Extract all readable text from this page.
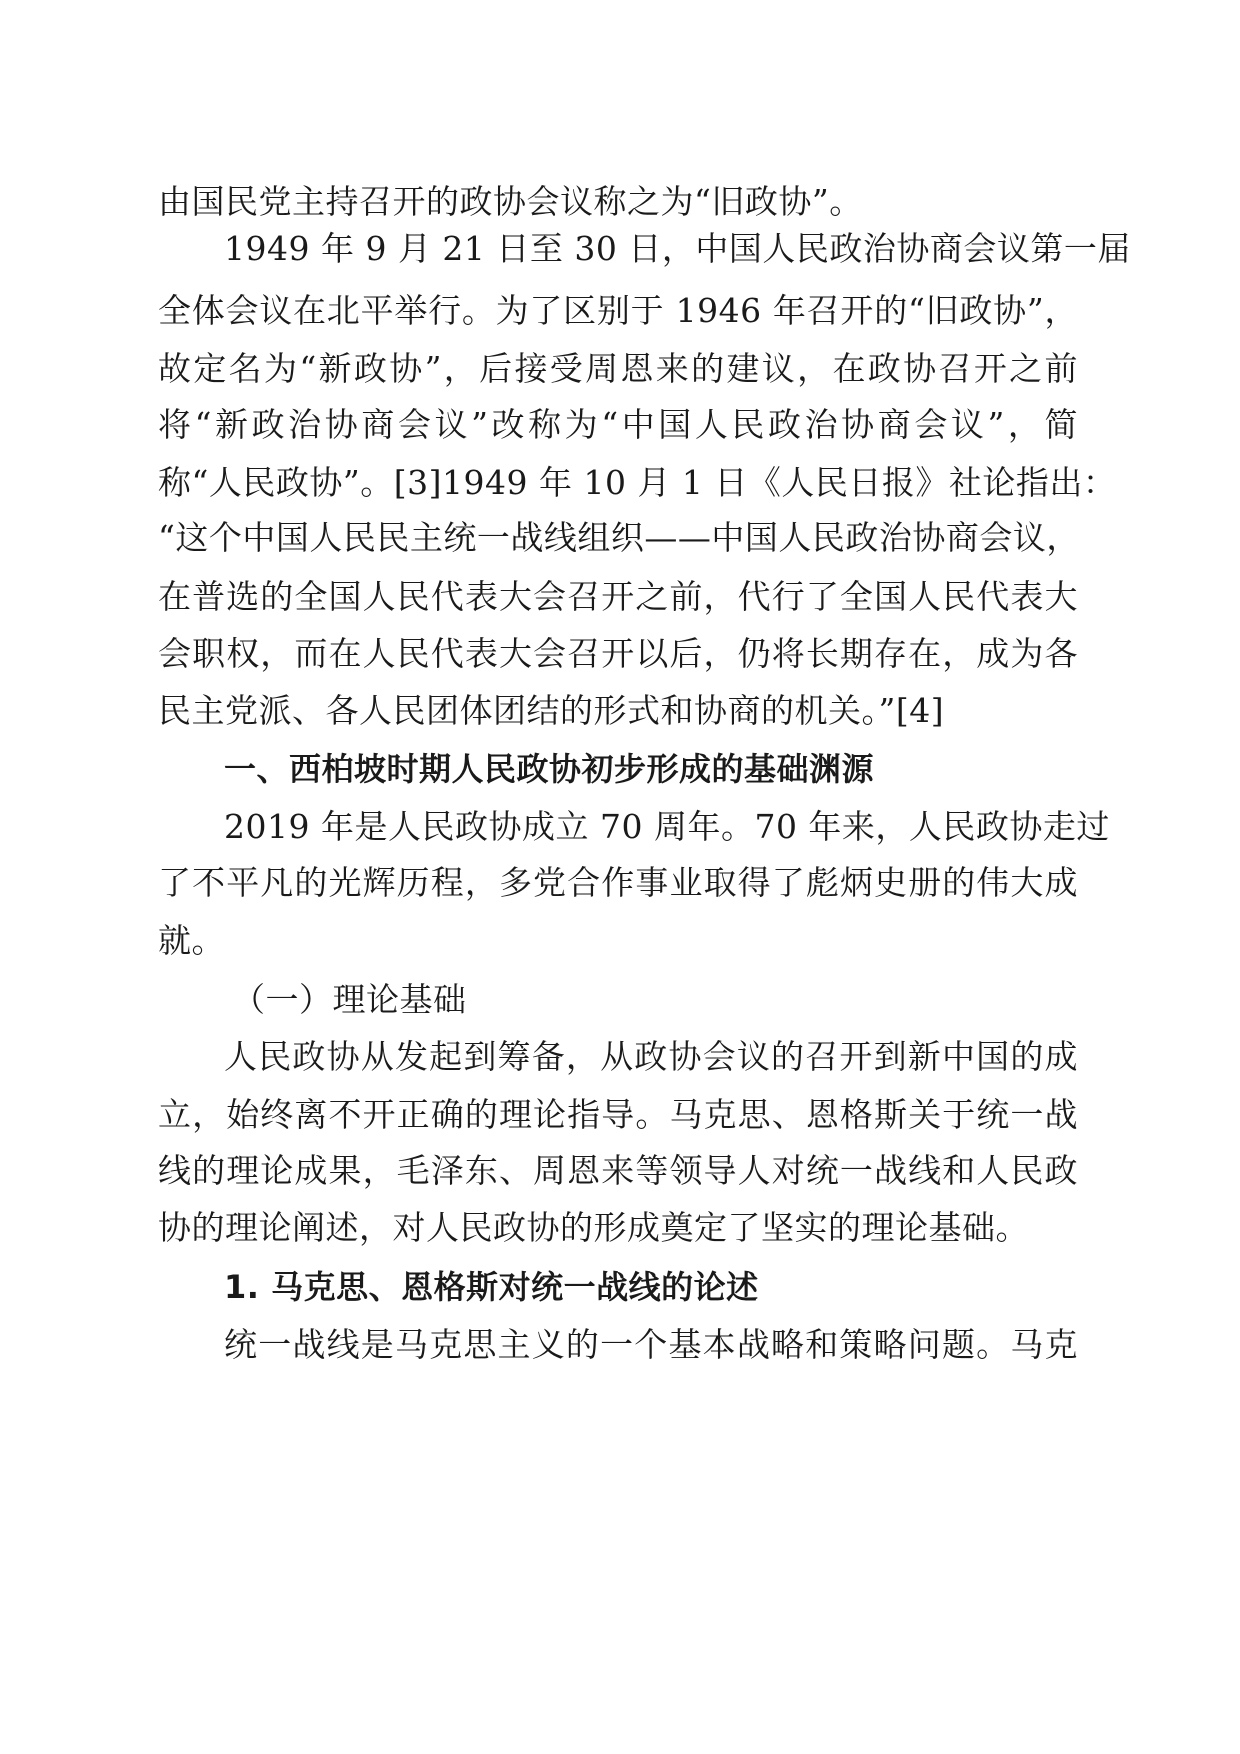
由国民党主持召开的政协会议称之为“旧政协”。
1949 年 9 月 21 日至 30 日，中国人民政治协商会议第一届
全体会议在北平举行。为了区别于 1946 年召开的“旧政协”，
故定名为“新政协”，后接受周恩来的建议，在政协召开之前
将“新政治协商会议”改称为“中国人民政治协商会议”，简
称“人民政协”。[3]1949 年 10 月 1 日《人民日报》社论指出：
“这个中国人民民主统一战线组织——中国人民政治协商会议，
在普选的全国人民代表大会召开之前，代行了全国人民代表大
会职权，而在人民代表大会召开以后，仍将长期存在，成为各
民主党派、各人民团体团结的形式和协商的机关。”[4]
一、西柏坡时期人民政协初步形成的基础渊源
2019 年是人民政协成立 70 周年。70 年来，人民政协走过
了不平凡的光辉历程，多党合作事业取得了彪炳史册的伟大成
就。
（一）理论基础
人民政协从发起到筹备，从政协会议的召开到新中国的成
立，始终离不开正确的理论指导。马克思、恩格斯关于统一战
线的理论成果，毛泽东、周恩来等领导人对统一战线和人民政
协的理论阐述，对人民政协的形成奠定了坚实的理论基础。
1. 马克思、恩格斯对统一战线的论述
统一战线是马克思主义的一个基本战略和策略问题。马克
